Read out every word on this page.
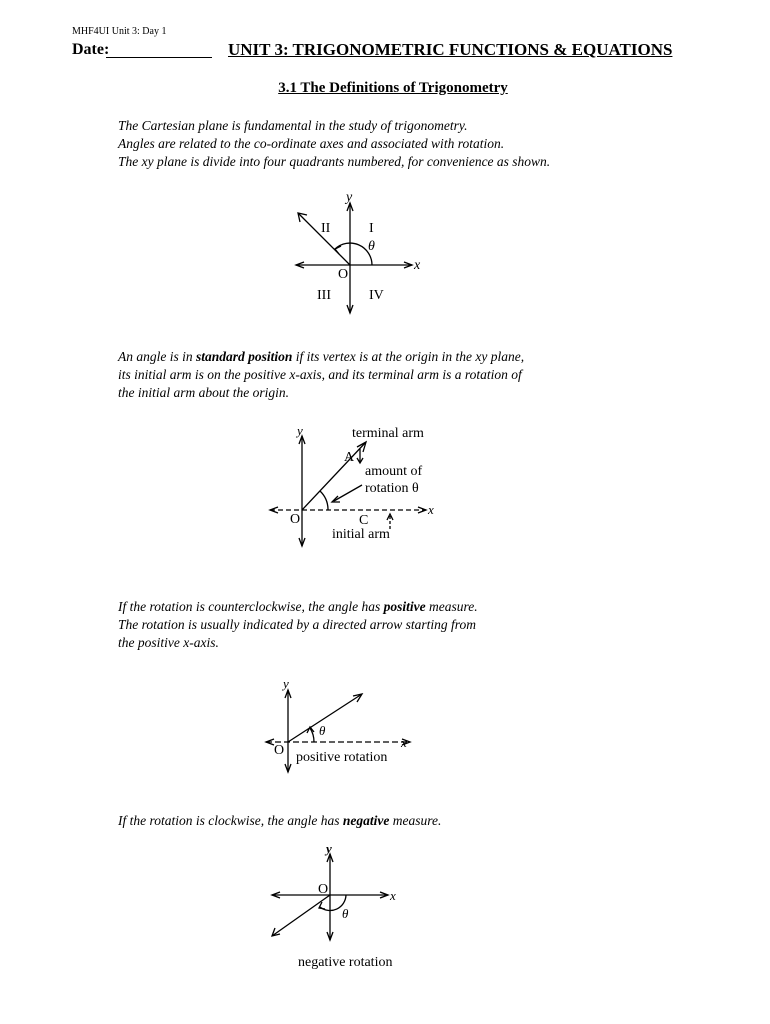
MHF4UI Unit 3: Day 1
Date:	UNIT 3: TRIGONOMETRIC FUNCTIONS & EQUATIONS
3.1 The Definitions of Trigonometry
The Cartesian plane is fundamental in the study of trigonometry.
Angles are related to the co-ordinate axes and associated with rotation.
The xy plane is divide into four quadrants numbered, for convenience as shown.
y
x
O
II	I
θ
III	IV
An angle is in standard position if its vertex is at the origin in the xy plane,
its initial arm is on the positive x-axis, and its terminal arm is a rotation of
the initial arm about the origin.
y
x
O
terminal arm
A
amount of
rotation θ
C
initial arm
If the rotation is counterclockwise, the angle has positive measure.
The rotation is usually indicated by a directed arrow starting from
the positive x-axis.
y
x
θ
O positive rotation
If the rotation is clockwise, the angle has negative measure.
y
x
O
θ
negative rotation
